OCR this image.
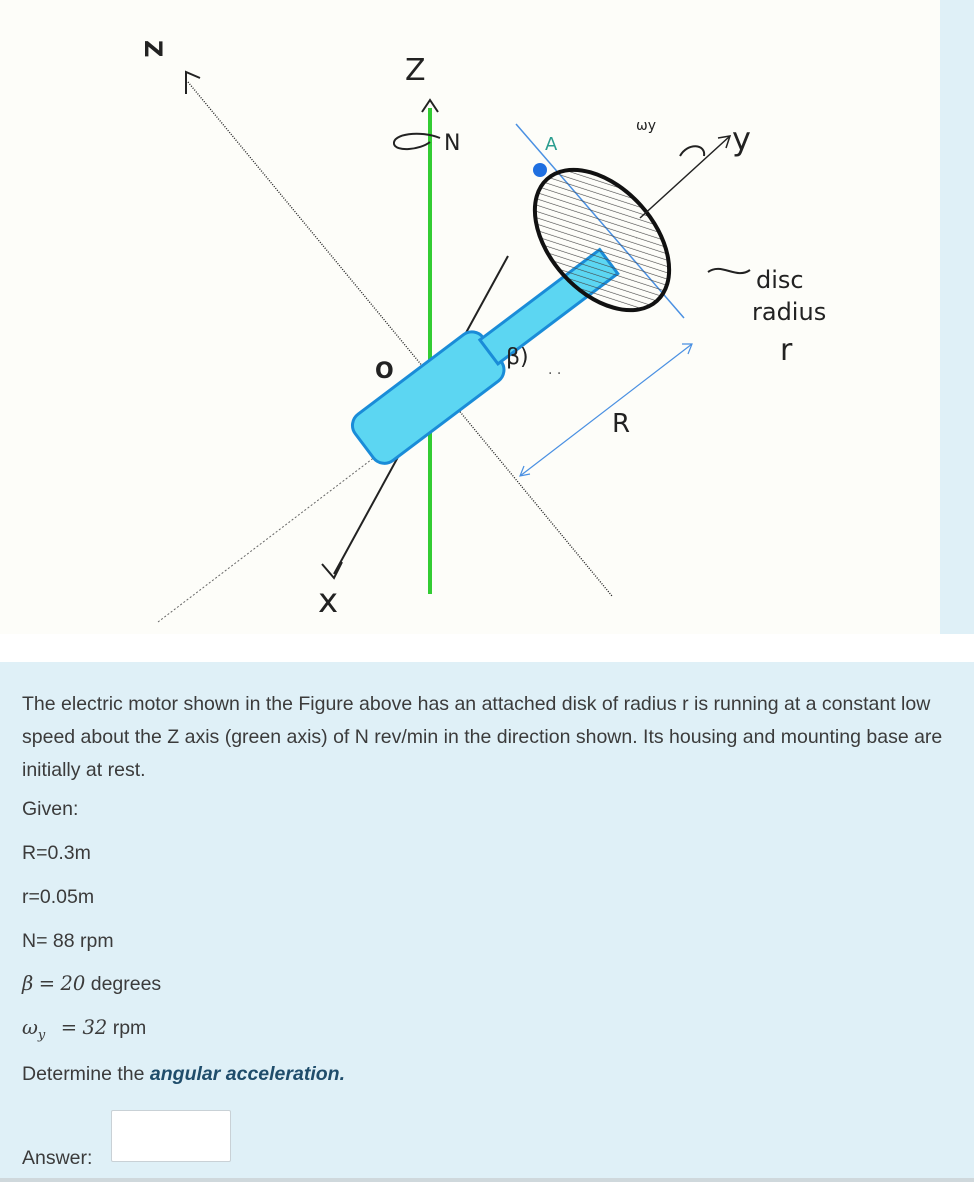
Z
Z
N
R
x
O
β) . .
A
ωy y
disc
radius
r

The electric motor shown in the Figure above has an attached disk of radius r is running at a constant low speed about the Z axis (green axis) of N rev/min in the direction shown. Its housing and mounting base are initially at rest.

Given:

R=0.3m

r=0.05m

N= 88 rpm

β = 20 degrees

$\omega_y = 32$ rpm

Determine the angular acceleration.

Answer:
